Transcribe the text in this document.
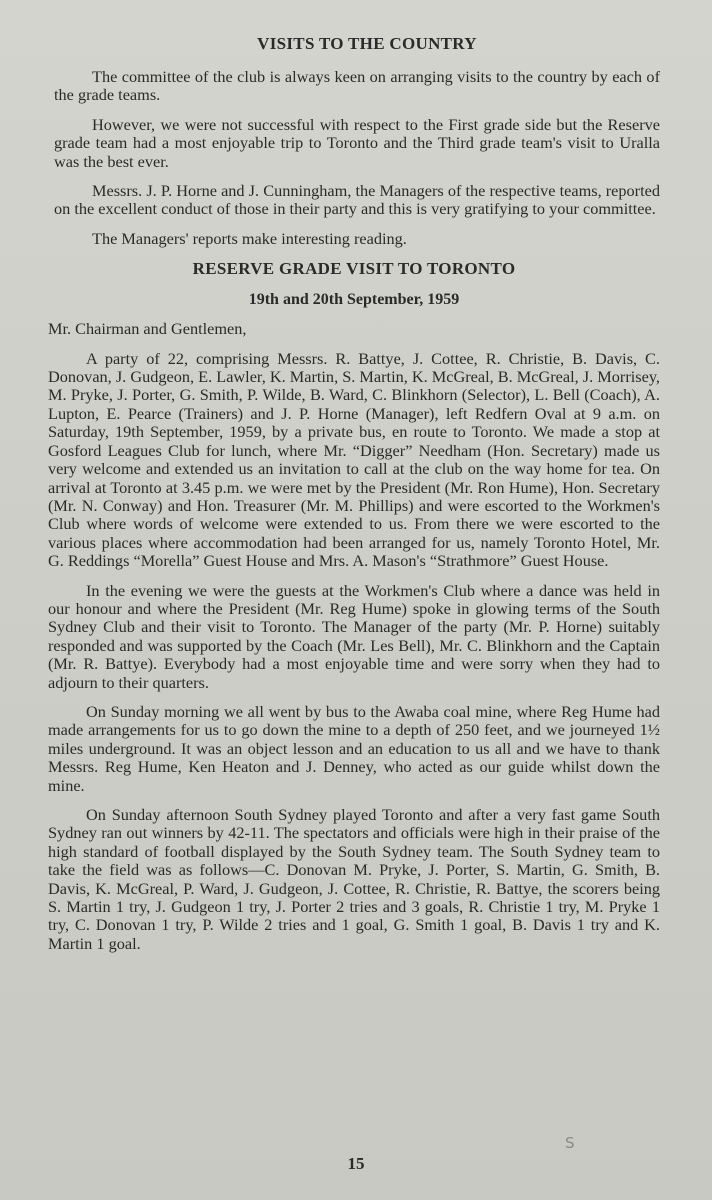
VISITS TO THE COUNTRY

The committee of the club is always keen on arranging visits to the country by each of the grade teams.

However, we were not successful with respect to the First grade side but the Reserve grade team had a most enjoyable trip to Toronto and the Third grade team's visit to Uralla was the best ever.

Messrs. J. P. Horne and J. Cunningham, the Managers of the respective teams, reported on the excellent conduct of those in their party and this is very gratifying to your committee.

The Managers' reports make interesting reading.

RESERVE GRADE VISIT TO TORONTO
19th and 20th September, 1959

Mr. Chairman and Gentlemen,

A party of 22, comprising Messrs. R. Battye, J. Cottee, R. Christie, B. Davis, C. Donovan, J. Gudgeon, E. Lawler, K. Martin, S. Martin, K. McGreal, B. McGreal, J. Morrisey, M. Pryke, J. Porter, G. Smith, P. Wilde, B. Ward, C. Blinkhorn (Selector), L. Bell (Coach), A. Lupton, E. Pearce (Trainers) and J. P. Horne (Manager), left Redfern Oval at 9 a.m. on Saturday, 19th September, 1959, by a private bus, en route to Toronto. We made a stop at Gosford Leagues Club for lunch, where Mr. “Digger” Needham (Hon. Secretary) made us very welcome and extended us an invitation to call at the club on the way home for tea. On arrival at Toronto at 3.45 p.m. we were met by the President (Mr. Ron Hume), Hon. Secretary (Mr. N. Conway) and Hon. Treasurer (Mr. M. Phillips) and were escorted to the Workmen's Club where words of welcome were extended to us. From there we were escorted to the various places where accommodation had been arranged for us, namely Toronto Hotel, Mr. G. Reddings “Morella” Guest House and Mrs. A. Mason's “Strathmore” Guest House.

In the evening we were the guests at the Workmen's Club where a dance was held in our honour and where the President (Mr. Reg Hume) spoke in glowing terms of the South Sydney Club and their visit to Toronto. The Manager of the party (Mr. P. Horne) suitably responded and was supported by the Coach (Mr. Les Bell), Mr. C. Blinkhorn and the Captain (Mr. R. Battye). Everybody had a most enjoyable time and were sorry when they had to adjourn to their quarters.

On Sunday morning we all went by bus to the Awaba coal mine, where Reg Hume had made arrangements for us to go down the mine to a depth of 250 feet, and we journeyed 1½ miles underground. It was an object lesson and an education to us all and we have to thank Messrs. Reg Hume, Ken Heaton and J. Denney, who acted as our guide whilst down the mine.

On Sunday afternoon South Sydney played Toronto and after a very fast game South Sydney ran out winners by 42-11. The spectators and officials were high in their praise of the high standard of football displayed by the South Sydney team. The South Sydney team to take the field was as follows—C. Donovan M. Pryke, J. Porter, S. Martin, G. Smith, B. Davis, K. McGreal, P. Ward, J. Gudgeon, J. Cottee, R. Christie, R. Battye, the scorers being S. Martin 1 try, J. Gudgeon 1 try, J. Porter 2 tries and 3 goals, R. Christie 1 try, M. Pryke 1 try, C. Donovan 1 try, P. Wilde 2 tries and 1 goal, G. Smith 1 goal, B. Davis 1 try and K. Martin 1 goal.

S
15
